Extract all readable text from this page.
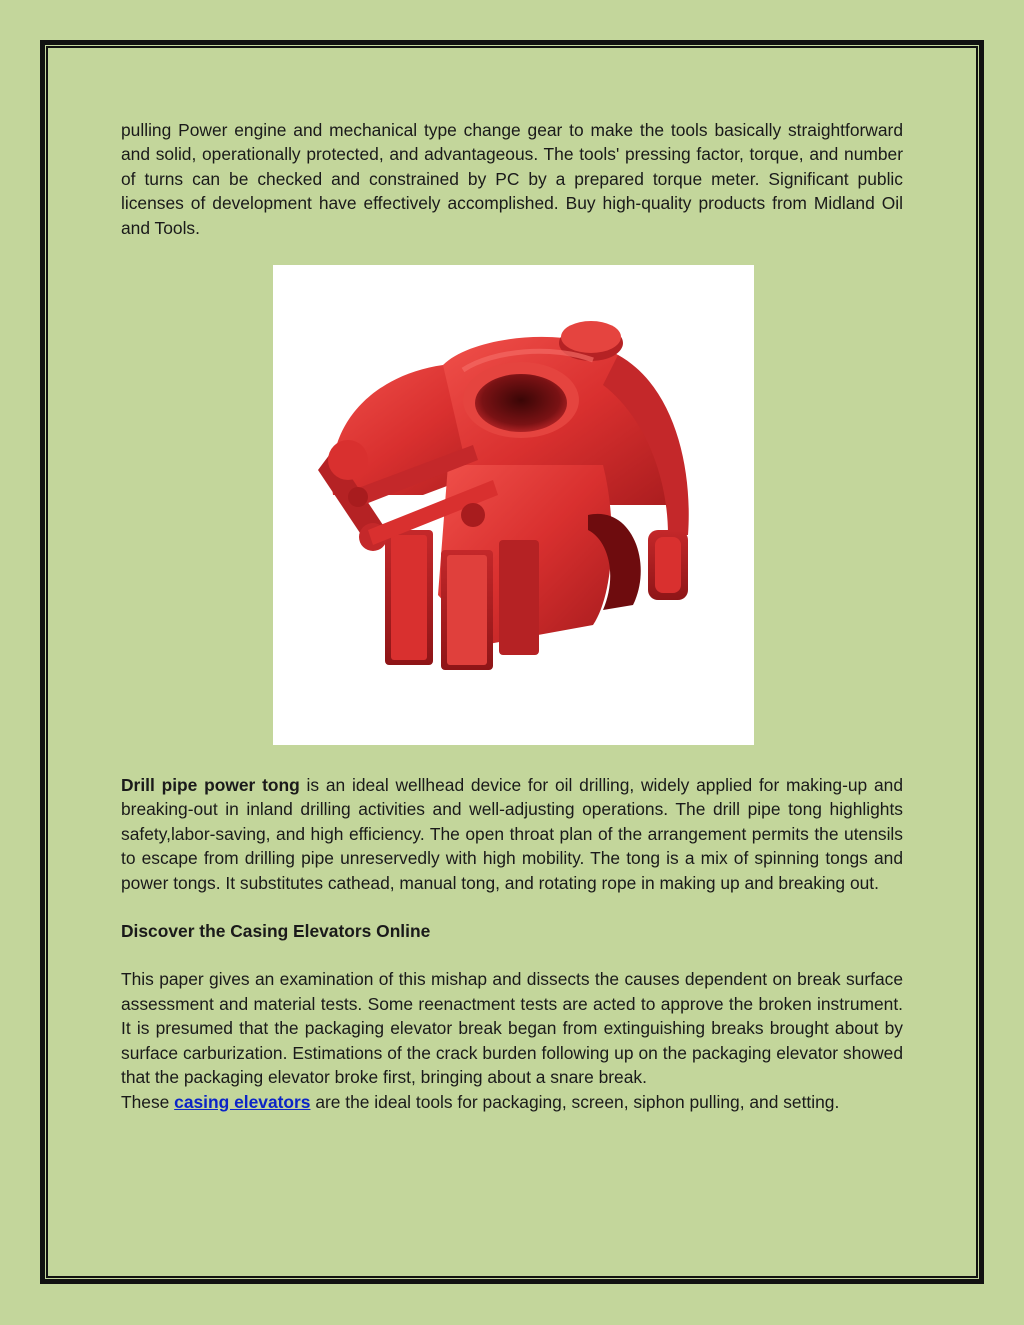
pulling Power engine and mechanical type change gear to make the tools basically straightforward and solid, operationally protected, and advantageous. The tools' pressing factor, torque, and number of turns can be checked and constrained by PC by a prepared torque meter. Significant public licenses of development have effectively accomplished. Buy high-quality products from Midland Oil and Tools.

Drill pipe power tong is an ideal wellhead device for oil drilling, widely applied for making-up and breaking-out in inland drilling activities and well-adjusting operations. The drill pipe tong highlights safety,labor-saving, and high efficiency. The open throat plan of the arrangement permits the utensils to escape from drilling pipe unreservedly with high mobility. The tong is a mix of spinning tongs and power tongs. It substitutes cathead, manual tong, and rotating rope in making up and breaking out.

Discover the Casing Elevators Online

This paper gives an examination of this mishap and dissects the causes dependent on break surface assessment and material tests. Some reenactment tests are acted to approve the broken instrument. It is presumed that the packaging elevator break began from extinguishing breaks brought about by surface carburization. Estimations of the crack burden following up on the packaging elevator showed that the packaging elevator broke first, bringing about a snare break.

These casing elevators are the ideal tools for packaging, screen, siphon pulling, and setting.
